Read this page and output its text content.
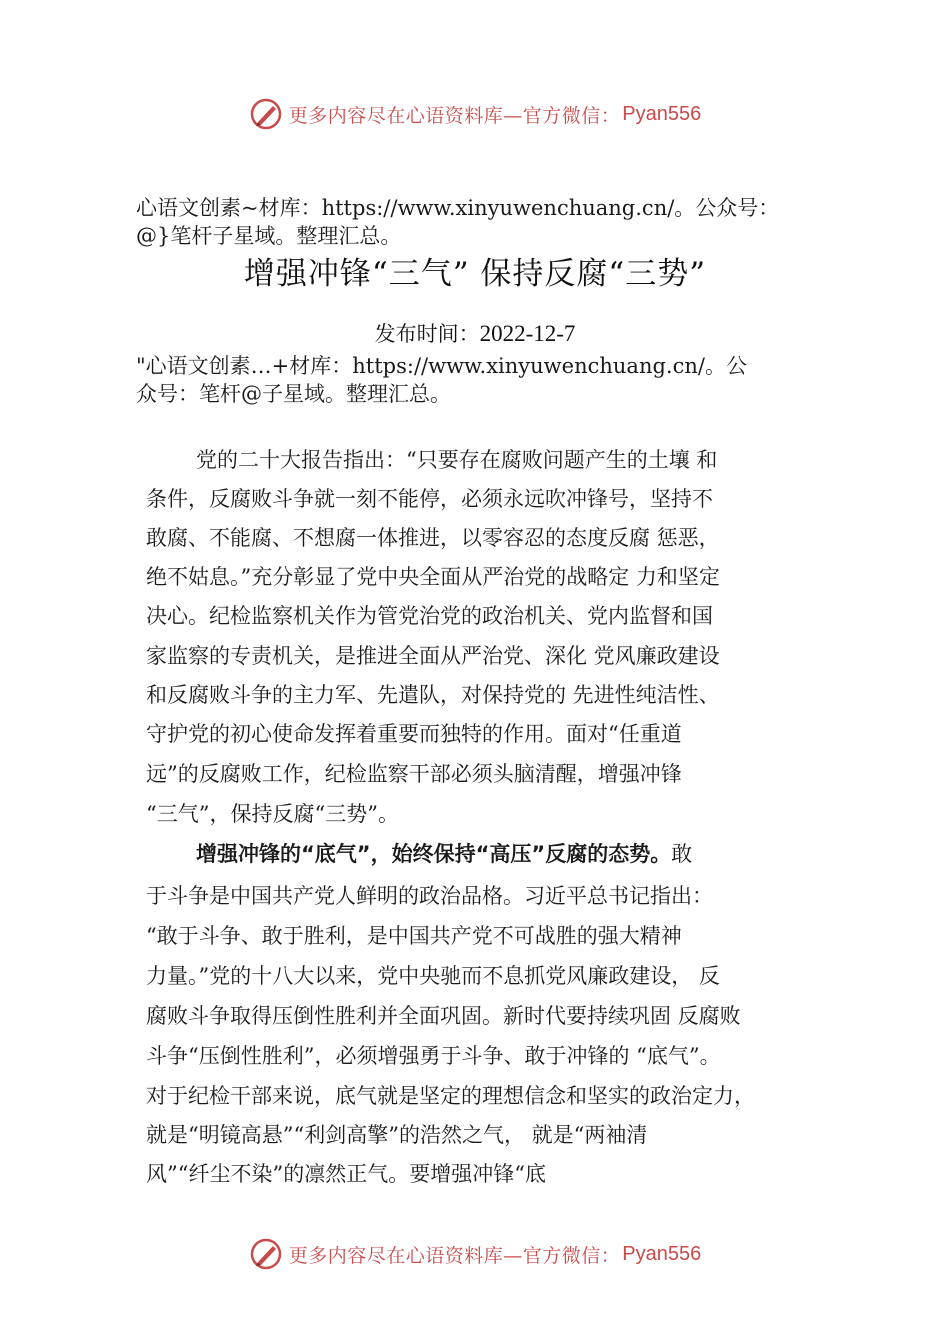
更多内容尽在心语资料库—官方微信： Pyan556
心语文创素~材库：https://www.xinyuwenchuang.cn/。公众号：
@}笔杆子星域。整理汇总。
增强冲锋“三气” 保持反腐“三势”
发布时间：2022-12-7
"心语文创素…+材库：https://www.xinyuwenchuang.cn/。公
众号：笔杆@子星域。整理汇总。
党的二十大报告指出：“只要存在腐败问题产生的土壤 和
条件，反腐败斗争就一刻不能停，必须永远吹冲锋号，坚持不
敢腐、不能腐、不想腐一体推进，以零容忍的态度反腐 惩恶，
绝不姑息。”充分彰显了党中央全面从严治党的战略定 力和坚定
决心。纪检监察机关作为管党治党的政治机关、党内监督和国
家监察的专责机关，是推进全面从严治党、深化 党风廉政建设
和反腐败斗争的主力军、先遣队，对保持党的 先进性纯洁性、
守护党的初心使命发挥着重要而独特的作用。面对“任重道
远”的反腐败工作，纪检监察干部必须头脑清醒，增强冲锋
“三气”，保持反腐“三势”。
增强冲锋的“底气”，始终保持“高压”反腐的态势。敢
于斗争是中国共产党人鲜明的政治品格。习近平总书记指出：
“敢于斗争、敢于胜利，是中国共产党不可战胜的强大精神
力量。”党的十八大以来，党中央驰而不息抓党风廉政建设， 反
腐败斗争取得压倒性胜利并全面巩固。新时代要持续巩固 反腐败
斗争“压倒性胜利”，必须增强勇于斗争、敢于冲锋的 “底气”。
对于纪检干部来说，底气就是坚定的理想信念和坚实的政治定力，
就是“明镜高悬”“利剑高擎”的浩然之气， 就是“两袖清
风”“纤尘不染”的凛然正气。要增强冲锋“底
更多内容尽在心语资料库—官方微信： Pyan556
